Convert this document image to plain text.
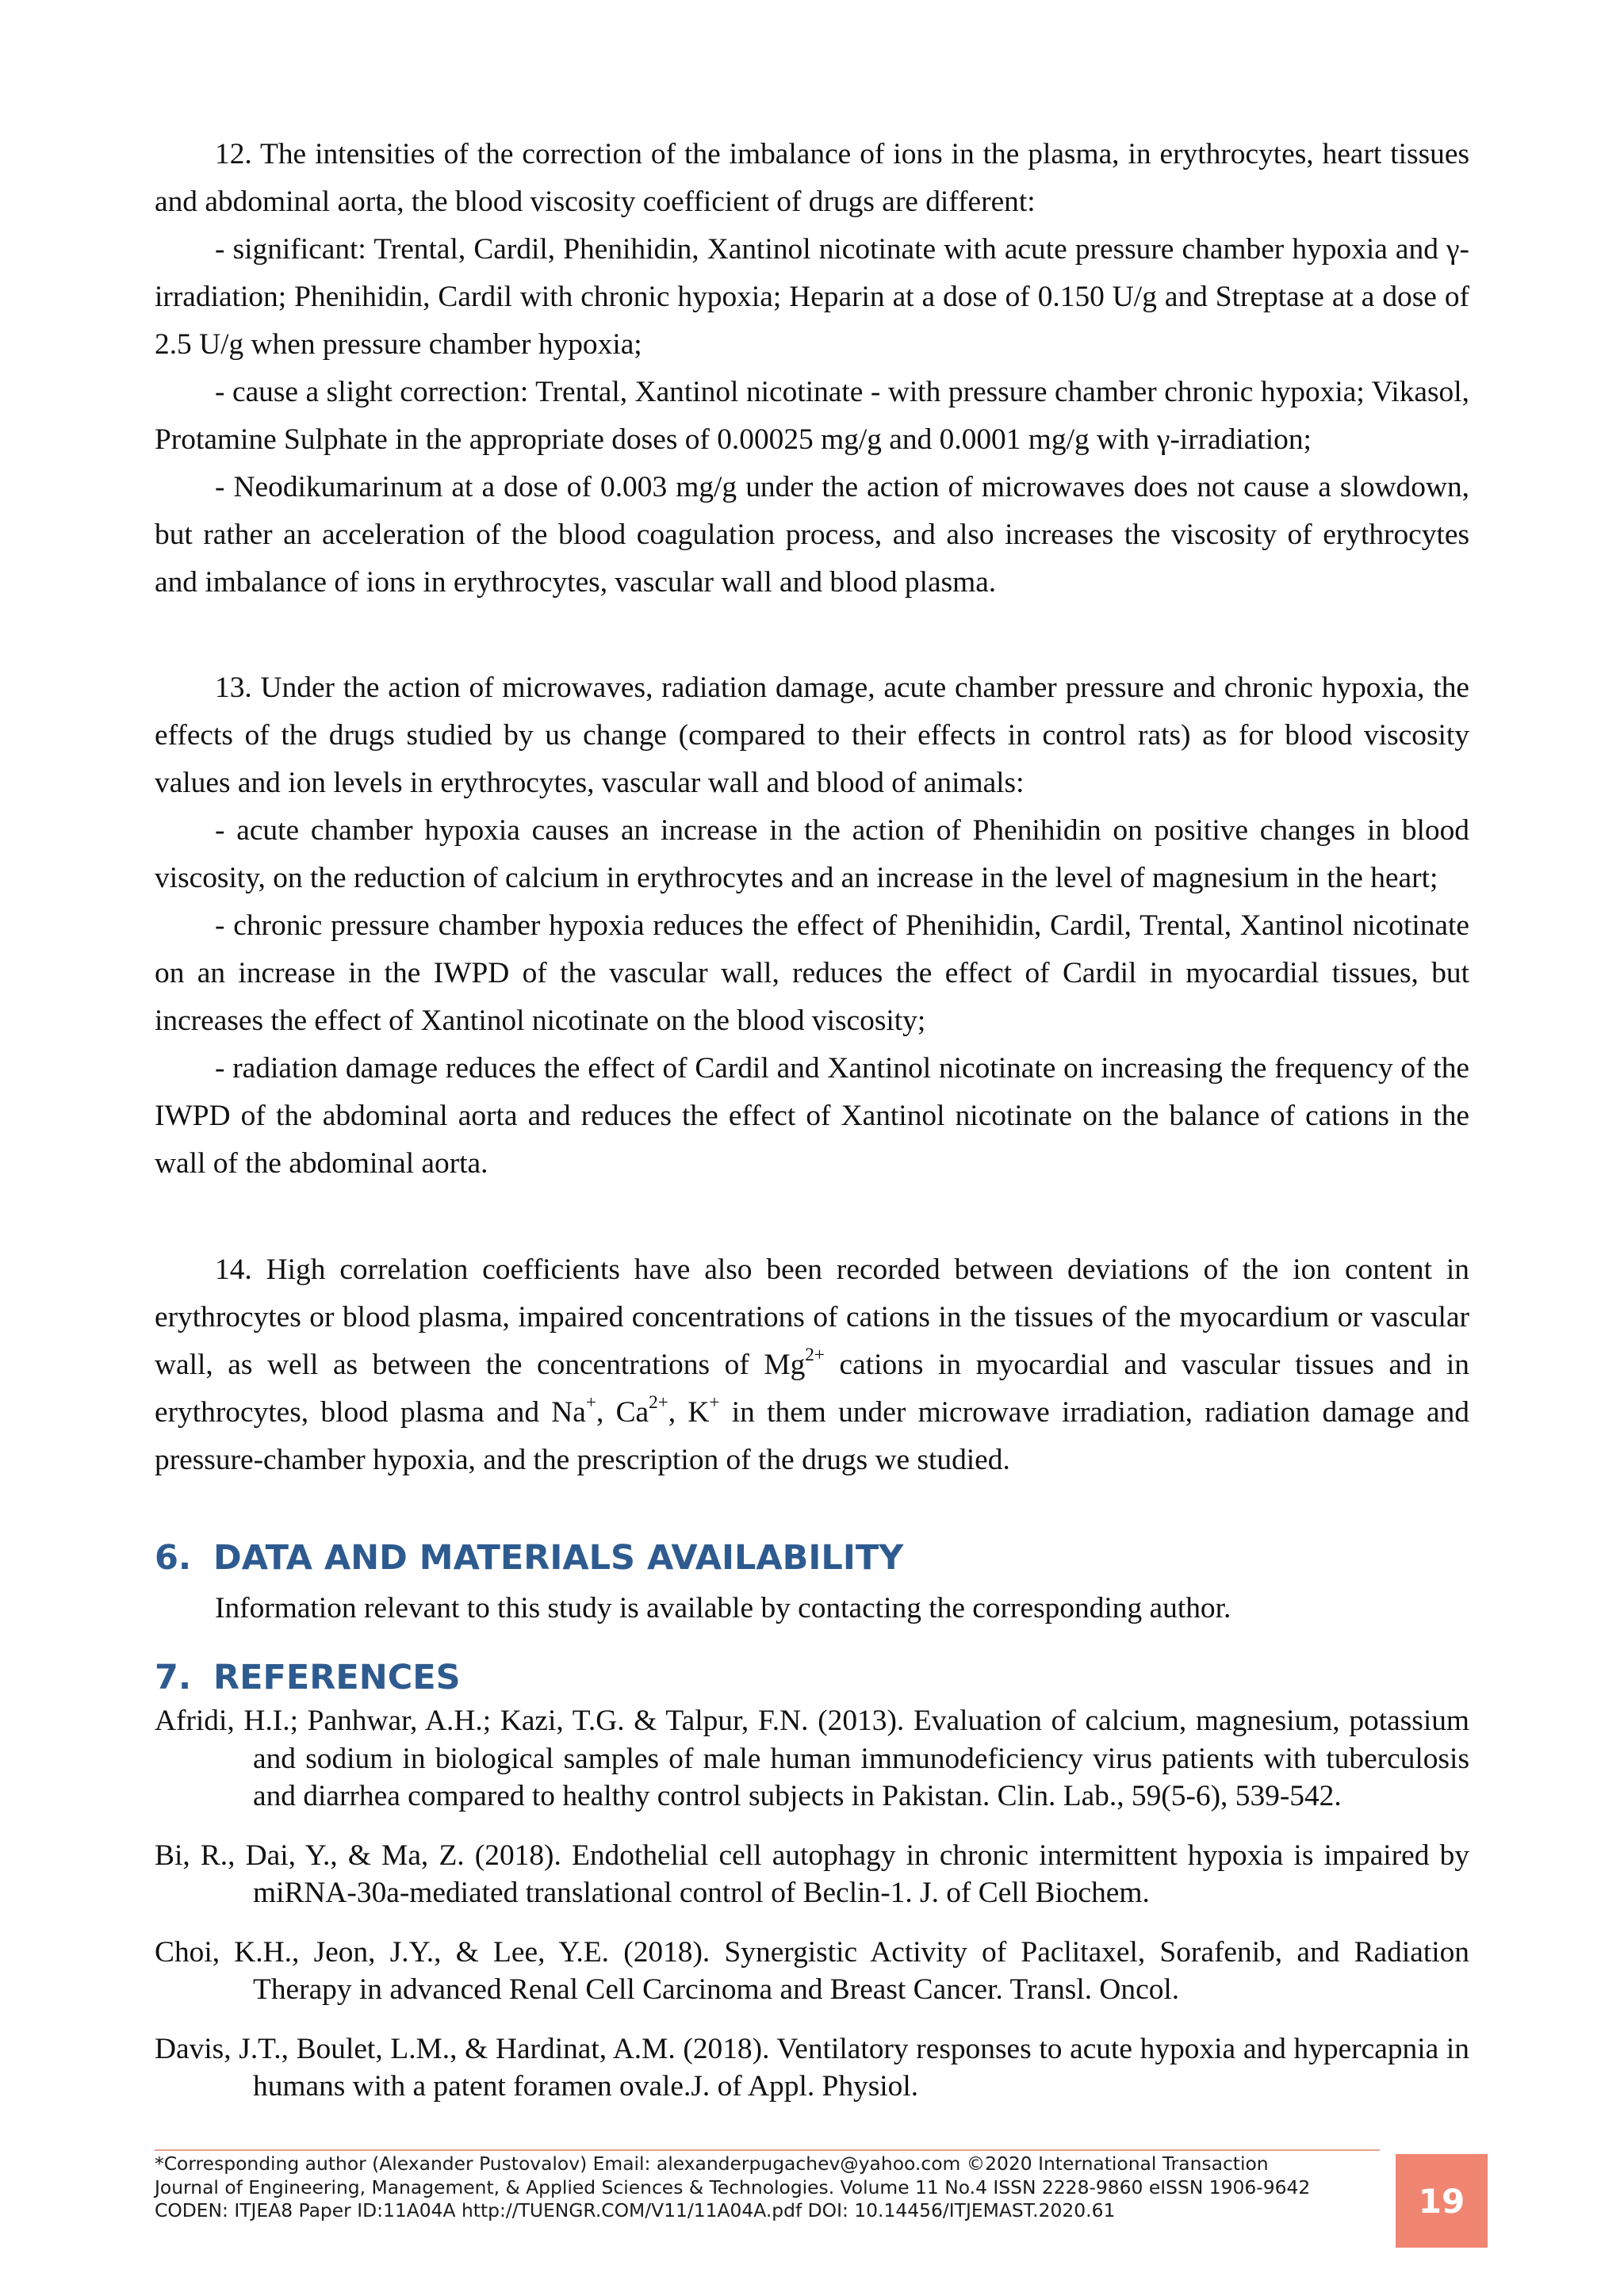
12. The intensities of the correction of the imbalance of ions in the plasma, in erythrocytes, heart tissues and abdominal aorta, the blood viscosity coefficient of drugs are different:

- significant: Trental, Cardil, Phenihidin, Xantinol nicotinate with acute pressure chamber hypoxia and γ-irradiation; Phenihidin, Cardil with chronic hypoxia; Heparin at a dose of 0.150 U/g and Streptase at a dose of 2.5 U/g when pressure chamber hypoxia;

- cause a slight correction: Trental, Xantinol nicotinate - with pressure chamber chronic hypoxia; Vikasol, Protamine Sulphate in the appropriate doses of 0.00025 mg/g and 0.0001 mg/g with γ-irradiation;

- Neodikumarinum at a dose of 0.003 mg/g under the action of microwaves does not cause a slowdown, but rather an acceleration of the blood coagulation process, and also increases the viscosity of erythrocytes and imbalance of ions in erythrocytes, vascular wall and blood plasma.

13. Under the action of microwaves, radiation damage, acute chamber pressure and chronic hypoxia, the effects of the drugs studied by us change (compared to their effects in control rats) as for blood viscosity values and ion levels in erythrocytes, vascular wall and blood of animals:

- acute chamber hypoxia causes an increase in the action of Phenihidin on positive changes in blood viscosity, on the reduction of calcium in erythrocytes and an increase in the level of magnesium in the heart;

- chronic pressure chamber hypoxia reduces the effect of Phenihidin, Cardil, Trental, Xantinol nicotinate on an increase in the IWPD of the vascular wall, reduces the effect of Cardil in myocardial tissues, but increases the effect of Xantinol nicotinate on the blood viscosity;

- radiation damage reduces the effect of Cardil and Xantinol nicotinate on increasing the frequency of the IWPD of the abdominal aorta and reduces the effect of Xantinol nicotinate on the balance of cations in the wall of the abdominal aorta.

14. High correlation coefficients have also been recorded between deviations of the ion content in erythrocytes or blood plasma, impaired concentrations of cations in the tissues of the myocardium or vascular wall, as well as between the concentrations of $Mg^{2+}$ cations in myocardial and vascular tissues and in erythrocytes, blood plasma and Na+, $Ca^{2+}$, K+ in them under microwave irradiation, radiation damage and pressure-chamber hypoxia, and the prescription of the drugs we studied.

6. DATA AND MATERIALS AVAILABILITY

Information relevant to this study is available by contacting the corresponding author.

7. REFERENCES

Afridi, H.I.; Panhwar, A.H.; Kazi, T.G. & Talpur, F.N. (2013). Evaluation of calcium, magnesium, potassium and sodium in biological samples of male human immunodeficiency virus patients with tuberculosis and diarrhea compared to healthy control subjects in Pakistan. Clin. Lab., 59(5-6), 539-542.

Bi, R., Dai, Y., & Ma, Z. (2018). Endothelial cell autophagy in chronic intermittent hypoxia is impaired by miRNA-30a-mediated translational control of Beclin-1. J. of Cell Biochem.

Choi, K.H., Jeon, J.Y., & Lee, Y.E. (2018). Synergistic Activity of Paclitaxel, Sorafenib, and Radiation Therapy in advanced Renal Cell Carcinoma and Breast Cancer. Transl. Oncol.

Davis, J.T., Boulet, L.M., & Hardinat, A.M. (2018). Ventilatory responses to acute hypoxia and hypercapnia in humans with a patent foramen ovale.J. of Appl. Physiol.

*Corresponding author (Alexander Pustovalov) Email: alexanderpugachev@yahoo.com ©2020 International Transaction
Journal of Engineering, Management, & Applied Sciences & Technologies. Volume 11 No.4 ISSN 2228-9860 eISSN 1906-9642
CODEN: ITJEA8 Paper ID:11A04A http://TUENGR.COM/V11/11A04A.pdf DOI: 10.14456/ITJEMAST.2020.61	19
